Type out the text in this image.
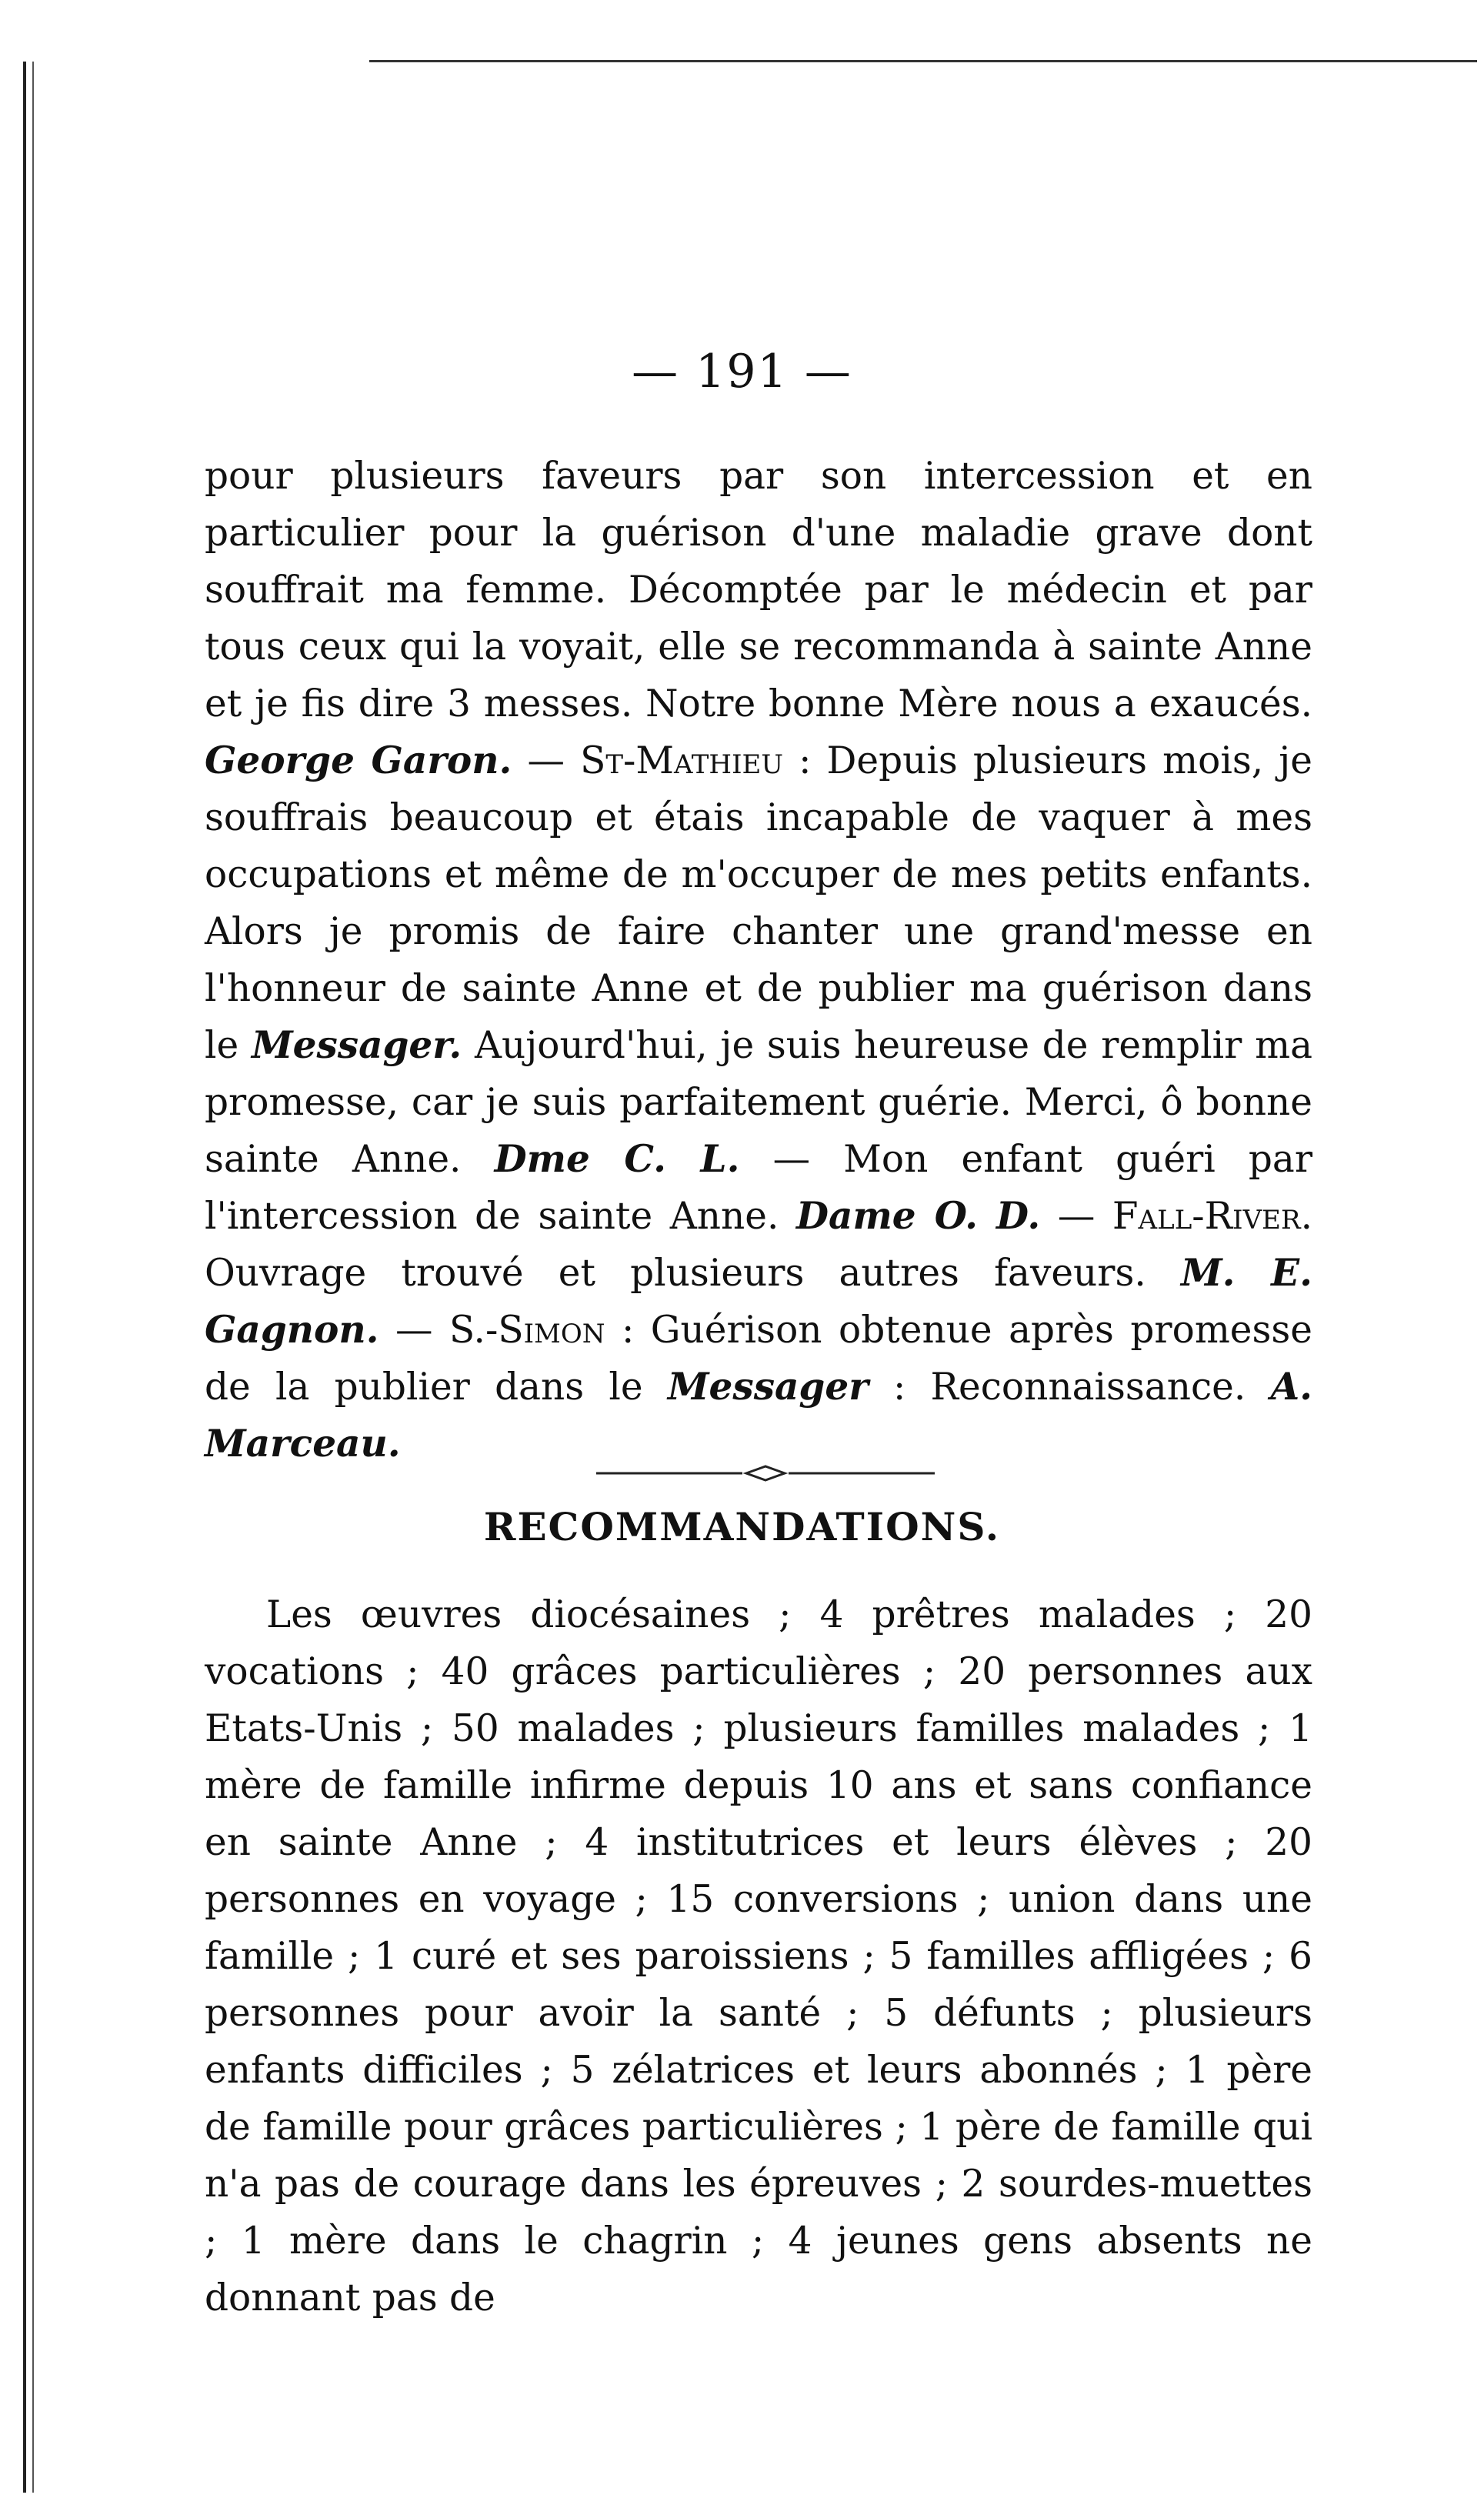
— 191 —

pour plusieurs faveurs par son intercession et en particulier pour la guérison d'une maladie grave dont souffrait ma femme. Décomptée par le médecin et par tous ceux qui la voyait, elle se recommanda à sainte Anne et je fis dire 3 messes. Notre bonne Mère nous a exaucés. George Garon. — St-Mathieu : Depuis plusieurs mois, je souffrais beaucoup et étais incapable de vaquer à mes occupations et même de m'occuper de mes petits enfants. Alors je promis de faire chanter une grand'messe en l'honneur de sainte Anne et de publier ma guérison dans le Messager. Aujourd'hui, je suis heureuse de remplir ma promesse, car je suis parfaitement guérie. Merci, ô bonne sainte Anne. Dme C. L. — Mon enfant guéri par l'intercession de sainte Anne. Dame O. D. — Fall-River. Ouvrage trouvé et plusieurs autres faveurs. M. E. Gagnon. — S.-Simon : Guérison obtenue après promesse de la publier dans le Messager : Reconnaissance. A. Marceau.

RECOMMANDATIONS.

Les œuvres diocésaines ; 4 prêtres malades ; 20 vocations ; 40 grâces particulières ; 20 personnes aux Etats-Unis ; 50 malades ; plusieurs familles malades ; 1 mère de famille infirme depuis 10 ans et sans confiance en sainte Anne ; 4 institutrices et leurs élèves ; 20 personnes en voyage ; 15 conversions ; union dans une famille ; 1 curé et ses paroissiens ; 5 familles affligées ; 6 personnes pour avoir la santé ; 5 défunts ; plusieurs enfants difficiles ; 5 zélatrices et leurs abonnés ; 1 père de famille pour grâces particulières ; 1 père de famille qui n'a pas de courage dans les épreuves ; 2 sourdes-muettes ; 1 mère dans le chagrin ; 4 jeunes gens absents ne donnant pas de
